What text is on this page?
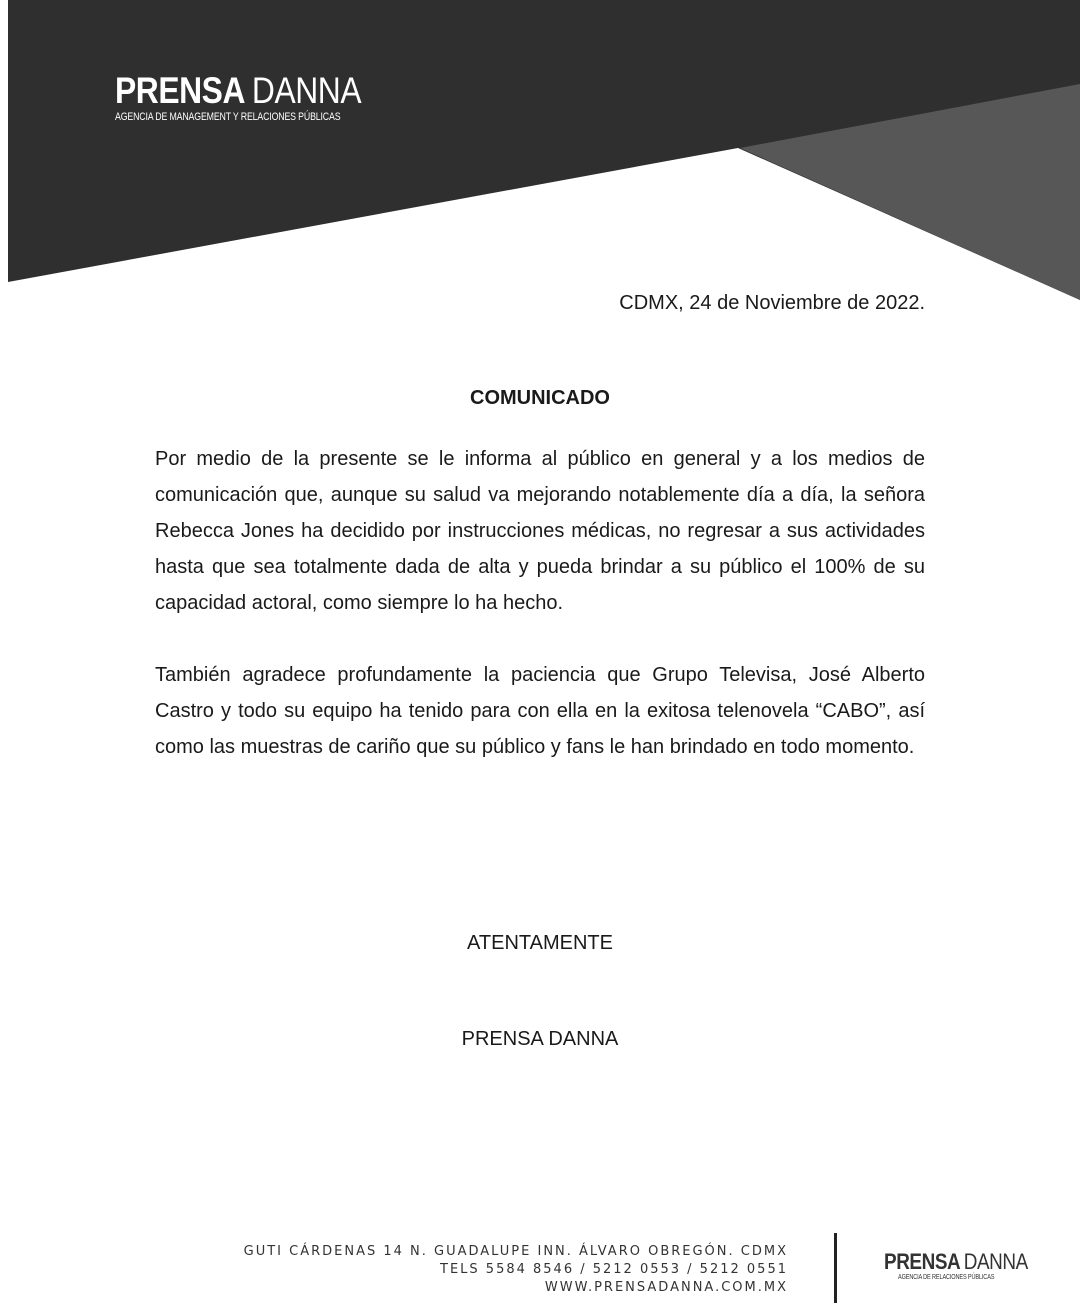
PRENSA DANNA
AGENCIA DE MANAGEMENT Y RELACIONES PÚBLICAS
CDMX, 24 de Noviembre de 2022.
COMUNICADO

Por medio de la presente se le informa al público en general y a los medios de comunicación que, aunque su salud va mejorando notablemente día a día, la señora Rebecca Jones ha decidido por instrucciones médicas, no regresar a sus actividades hasta que sea totalmente dada de alta y pueda brindar a su público el 100% de su capacidad actoral, como siempre lo ha hecho.

También agradece profundamente la paciencia que Grupo Televisa, José Alberto Castro y todo su equipo ha tenido para con ella en la exitosa telenovela “CABO”, así como las muestras de cariño que su público y fans le han brindado en todo momento.

ATENTAMENTE
PRENSA DANNA
GUTI CÁRDENAS 14 N. GUADALUPE INN. ÁLVARO OBREGÓN. CDMX
TELS 5584 8546 / 5212 0553 / 5212 0551
WWW.PRENSADANNA.COM.MX
PRENSA DANNA
AGENCIA DE RELACIONES PÚBLICAS
